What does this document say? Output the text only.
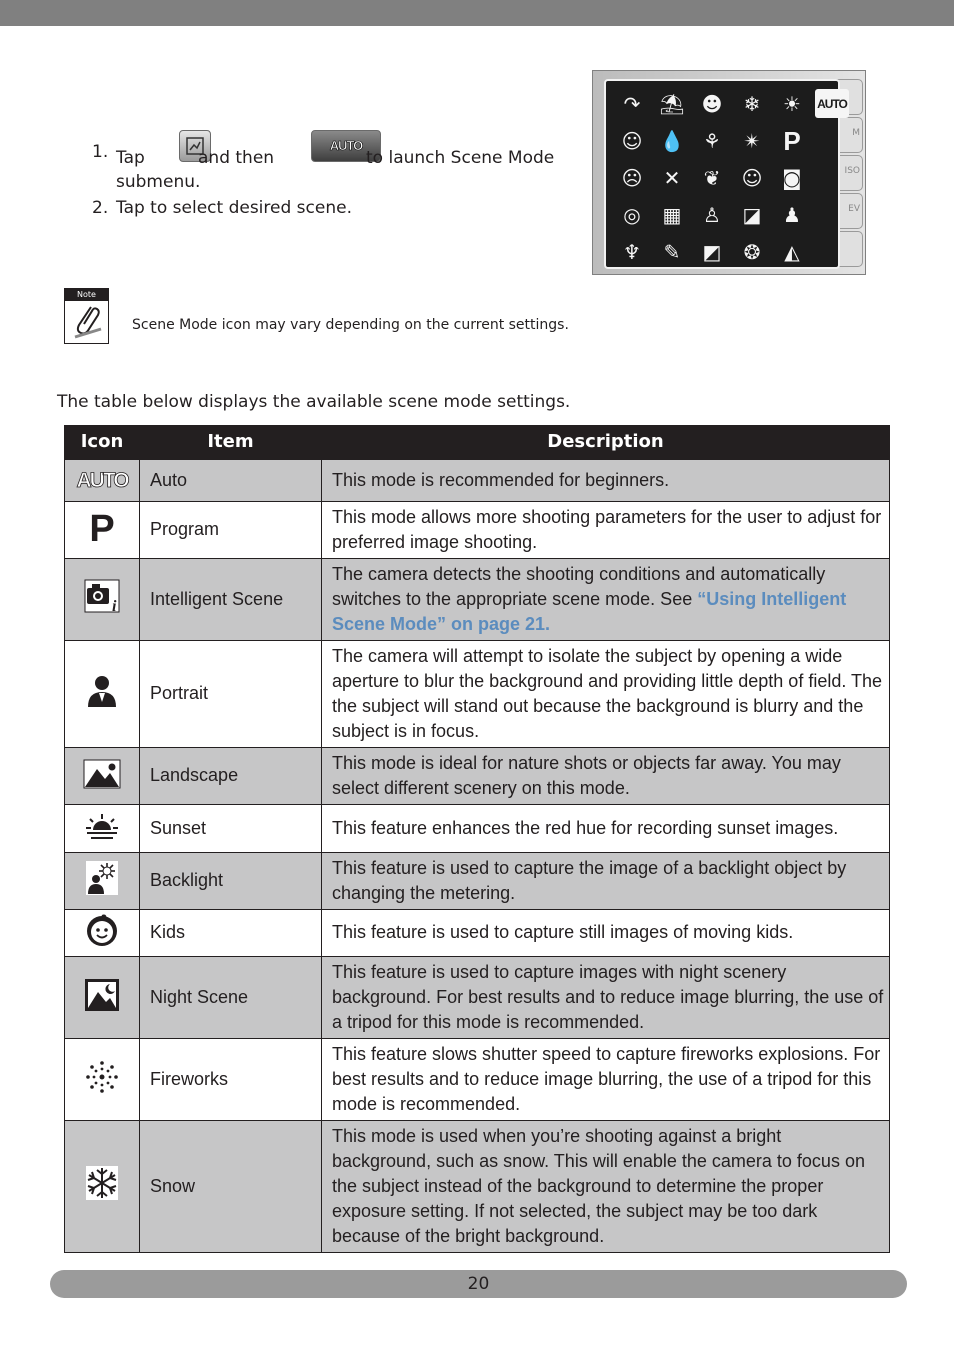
1. Tap	and then
AUTO
to launch Scene Mode
submenu.
2. Tap to select desired scene.
M
ISO
EV
↷ ⛱ ☻	❄	☀	AUTO
☺ 💧 ⚘	✴ P
☹	✕	❦	☺ ◙
◎	▦	♙	◪	♟
♆	✎	◩	❂	◭
Note
Scene Mode icon may vary depending on the current settings.
The table below displays the available scene mode settings.
Icon	Item	Description
AUTO	Auto	This mode is recommended for beginners.
P	Program	This mode allows more shooting parameters for the user to adjust for preferred image shooting.

i	Intelligent Scene	The camera detects the shooting conditions and automatically switches to the appropriate scene mode. See “Using Intelligent Scene Mode” on page 21.

	Portrait	The camera will attempt to isolate the subject by opening a wide aperture to blur the background and providing little depth of field. The the subject will stand out because the background is blurry and the subject is in focus.

	Landscape	This mode is ideal for nature shots or objects far away. You may select different scenery on this mode.

	Sunset	This feature enhances the red hue for recording sunset images.

	Backlight	This feature is used to capture the image of a backlight object by changing the metering.

	Kids	This feature is used to capture still images of moving kids.

	Night Scene	This feature is used to capture images with night scenery background. For best results and to reduce image blurring, the use of a tripod for this mode is recommended.

	Fireworks	This feature slows shutter speed to capture fireworks explosions. For best results and to reduce image blurring, the use of a tripod for this mode is recommended.

	Snow	This mode is used when you’re shooting against a bright background, such as snow. This will enable the camera to focus on the subject instead of the background to determine the proper exposure setting. If not selected, the subject may be too dark because of the bright background.
20
